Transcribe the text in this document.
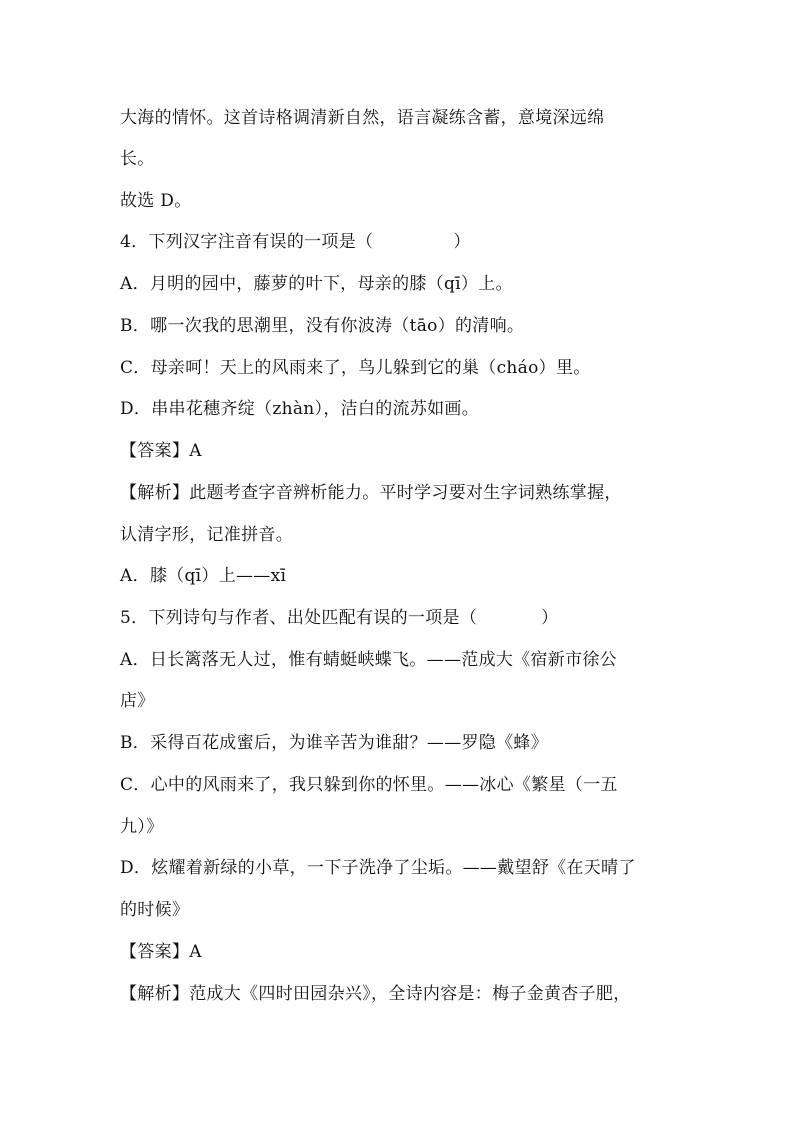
大海的情怀。这首诗格调清新自然，语言凝练含蓄，意境深远绵
长。
故选 D。
4．下列汉字注音有误的一项是（	）
A．月明的园中，藤萝的叶下，母亲的膝（qī）上。
B．哪一次我的思潮里，没有你波涛（tāo）的清响。
C．母亲呵！天上的风雨来了，鸟儿躲到它的巢（cháo）里。
D．串串花穗齐绽（zhàn），洁白的流苏如画。
【答案】A
【解析】此题考查字音辨析能力。平时学习要对生字词熟练掌握，
认清字形，记准拼音。
A．膝（qī）上——xī
5．下列诗句与作者、出处匹配有误的一项是（	）
A．日长篱落无人过，惟有蜻蜓峡蝶飞。——范成大《宿新市徐公
店》
B．采得百花成蜜后，为谁辛苦为谁甜？——罗隐《蜂》
C．心中的风雨来了，我只躲到你的怀里。——冰心《繁星（一五
九）》
D．炫耀着新绿的小草，一下子洗净了尘垢。——戴望舒《在天晴了
的时候》
【答案】A
【解析】范成大《四时田园杂兴》，全诗内容是：梅子金黄杏子肥，
